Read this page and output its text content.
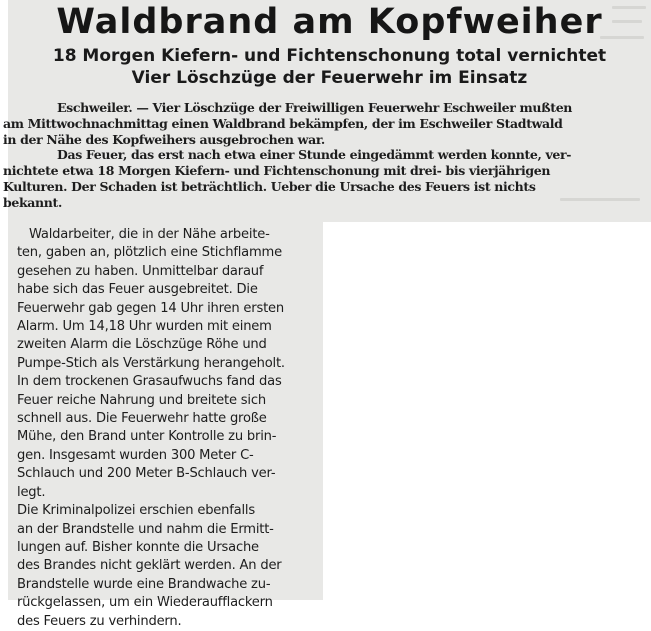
Waldbrand am Kopfweiher
18 Morgen Kiefern- und Fichtenschonung total vernichtet
Vier Löschzüge der Feuerwehr im Einsatz
Eschweiler. — Vier Löschzüge der Freiwilligen Feuerwehr Eschweiler mußten
am Mittwochnachmittag einen Waldbrand bekämpfen, der im Eschweiler Stadtwald
in der Nähe des Kopfweihers ausgebrochen war.
Das Feuer, das erst nach etwa einer Stunde eingedämmt werden konnte, ver-
nichtete etwa 18 Morgen Kiefern- und Fichtenschonung mit drei- bis vierjährigen
Kulturen. Der Schaden ist beträchtlich. Ueber die Ursache des Feuers ist nichts
bekannt.
Waldarbeiter, die in der Nähe arbeite-
ten, gaben an, plötzlich eine Stichflamme
gesehen zu haben. Unmittelbar darauf
habe sich das Feuer ausgebreitet. Die
Feuerwehr gab gegen 14 Uhr ihren ersten
Alarm. Um 14,18 Uhr wurden mit einem
zweiten Alarm die Löschzüge Röhe und
Pumpe-Stich als Verstärkung herangeholt.
In dem trockenen Grasaufwuchs fand das
Feuer reiche Nahrung und breitete sich
schnell aus. Die Feuerwehr hatte große
Mühe, den Brand unter Kontrolle zu brin-
gen. Insgesamt wurden 300 Meter C-
Schlauch und 200 Meter B-Schlauch ver-
legt.
Die Kriminalpolizei erschien ebenfalls
an der Brandstelle und nahm die Ermitt-
lungen auf. Bisher konnte die Ursache
des Brandes nicht geklärt werden. An der
Brandstelle wurde eine Brandwache zu-
rückgelassen, um ein Wiederaufflackern
des Feuers zu verhindern.
